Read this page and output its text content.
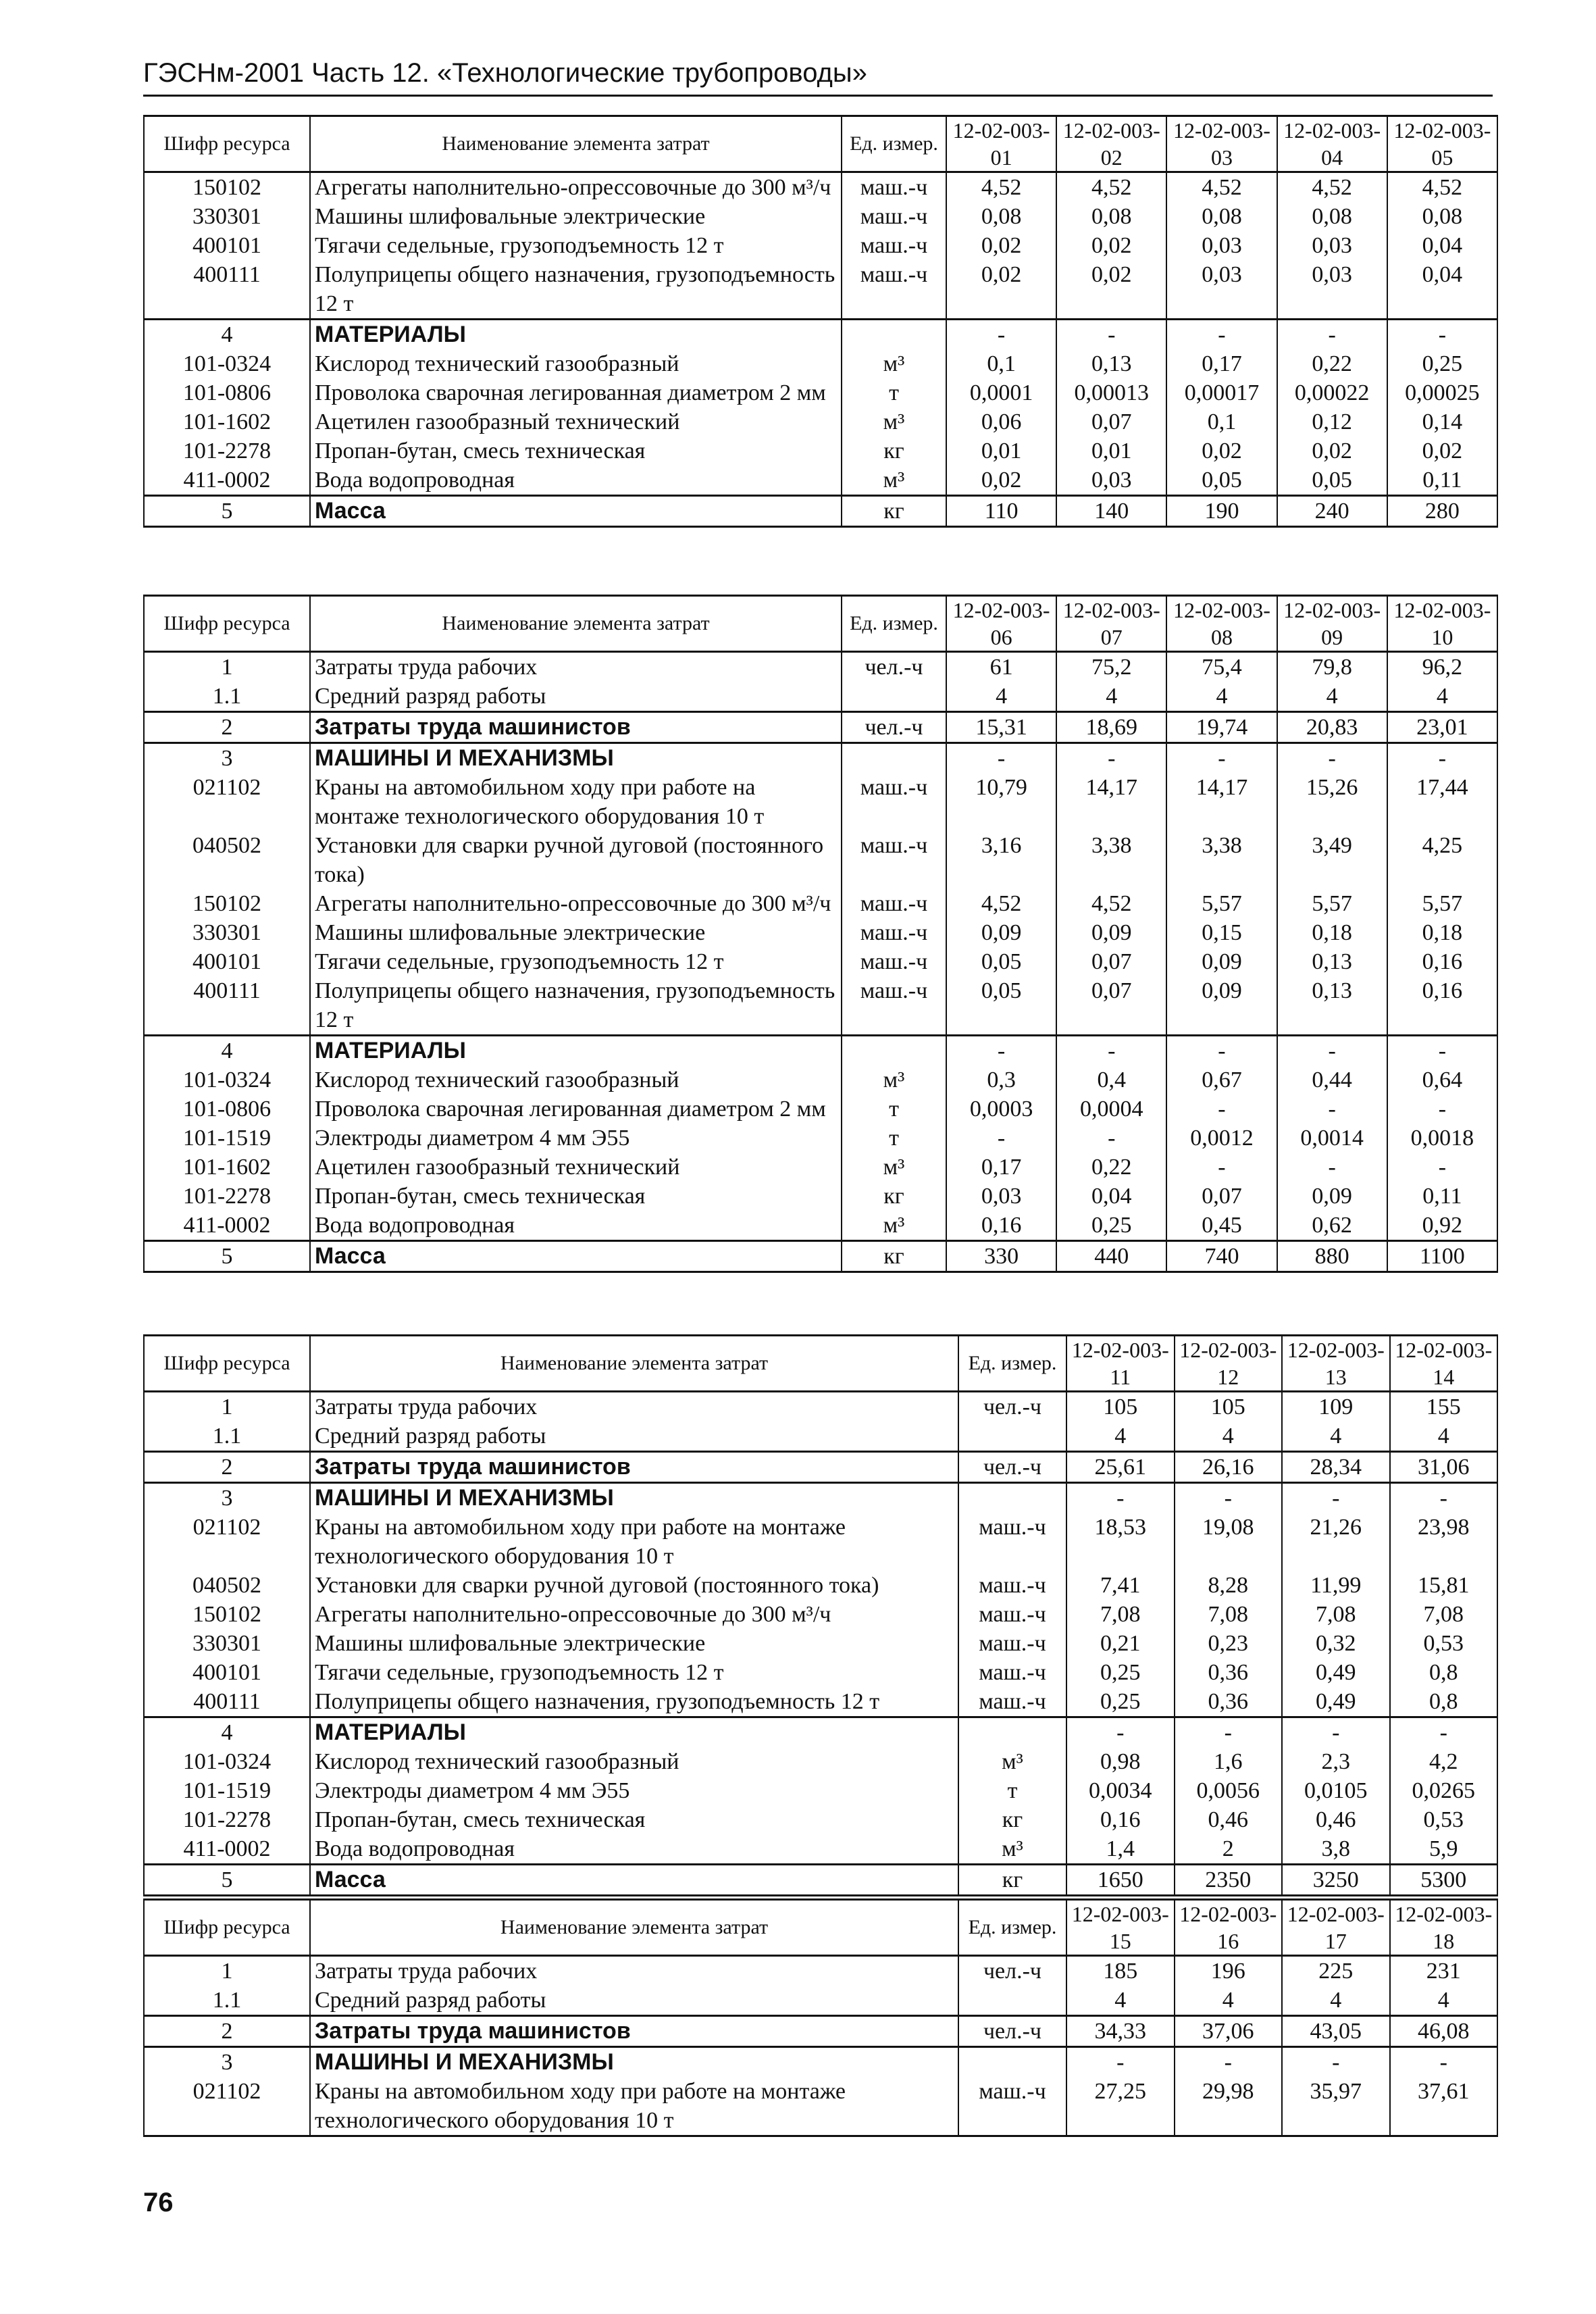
ГЭСНм-2001 Часть 12. «Технологические трубопроводы»
Шифр ресурса	Наименование элемента затрат	Ед. измер.	12-02-003-01	12-02-003-02	12-02-003-03	12-02-003-04	12-02-003-05
150102	Агрегаты наполнительно-опрессовочные до 300 м³/ч	маш.-ч	4,52	4,52	4,52	4,52	4,52
330301	Машины шлифовальные электрические	маш.-ч	0,08	0,08	0,08	0,08	0,08
400101	Тягачи седельные, грузоподъемность 12 т	маш.-ч	0,02	0,02	0,03	0,03	0,04
400111	Полуприцепы общего назначения, грузоподъемность 12 т	маш.-ч	0,02	0,02	0,03	0,03	0,04
4	МАТЕРИАЛЫ		-	-	-	-	-
101-0324	Кислород технический газообразный	м³	0,1	0,13	0,17	0,22	0,25
101-0806	Проволока сварочная легированная диаметром 2 мм	т	0,0001	0,00013	0,00017	0,00022	0,00025
101-1602	Ацетилен газообразный технический	м³	0,06	0,07	0,1	0,12	0,14
101-2278	Пропан-бутан, смесь техническая	кг	0,01	0,01	0,02	0,02	0,02
411-0002	Вода водопроводная	м³	0,02	0,03	0,05	0,05	0,11
5	Масса	кг	110	140	190	240	280
Шифр ресурса	Наименование элемента затрат	Ед. измер.	12-02-003-06	12-02-003-07	12-02-003-08	12-02-003-09	12-02-003-10
1	Затраты труда рабочих	чел.-ч	61	75,2	75,4	79,8	96,2
1.1	Средний разряд работы		4	4	4	4	4
2	Затраты труда машинистов	чел.-ч	15,31	18,69	19,74	20,83	23,01
3	МАШИНЫ И МЕХАНИЗМЫ		-	-	-	-	-
021102	Краны на автомобильном ходу при работе на монтаже технологического оборудования 10 т	маш.-ч	10,79	14,17	14,17	15,26	17,44
040502	Установки для сварки ручной дуговой (постоянного тока)	маш.-ч	3,16	3,38	3,38	3,49	4,25
150102	Агрегаты наполнительно-опрессовочные до 300 м³/ч	маш.-ч	4,52	4,52	5,57	5,57	5,57
330301	Машины шлифовальные электрические	маш.-ч	0,09	0,09	0,15	0,18	0,18
400101	Тягачи седельные, грузоподъемность 12 т	маш.-ч	0,05	0,07	0,09	0,13	0,16
400111	Полуприцепы общего назначения, грузоподъемность 12 т	маш.-ч	0,05	0,07	0,09	0,13	0,16
4	МАТЕРИАЛЫ		-	-	-	-	-
101-0324	Кислород технический газообразный	м³	0,3	0,4	0,67	0,44	0,64
101-0806	Проволока сварочная легированная диаметром 2 мм	т	0,0003	0,0004	-	-	-
101-1519	Электроды диаметром 4 мм Э55	т	-	-	0,0012	0,0014	0,0018
101-1602	Ацетилен газообразный технический	м³	0,17	0,22	-	-	-
101-2278	Пропан-бутан, смесь техническая	кг	0,03	0,04	0,07	0,09	0,11
411-0002	Вода водопроводная	м³	0,16	0,25	0,45	0,62	0,92
5	Масса	кг	330	440	740	880	1100
Шифр ресурса	Наименование элемента затрат	Ед. измер.	12-02-003-11	12-02-003-12	12-02-003-13	12-02-003-14
1	Затраты труда рабочих	чел.-ч	105	105	109	155
1.1	Средний разряд работы		4	4	4	4
2	Затраты труда машинистов	чел.-ч	25,61	26,16	28,34	31,06
3	МАШИНЫ И МЕХАНИЗМЫ		-	-	-	-
021102	Краны на автомобильном ходу при работе на монтаже технологического оборудования 10 т	маш.-ч	18,53	19,08	21,26	23,98
040502	Установки для сварки ручной дуговой (постоянного тока)	маш.-ч	7,41	8,28	11,99	15,81
150102	Агрегаты наполнительно-опрессовочные до 300 м³/ч	маш.-ч	7,08	7,08	7,08	7,08
330301	Машины шлифовальные электрические	маш.-ч	0,21	0,23	0,32	0,53
400101	Тягачи седельные, грузоподъемность 12 т	маш.-ч	0,25	0,36	0,49	0,8
400111	Полуприцепы общего назначения, грузоподъемность 12 т	маш.-ч	0,25	0,36	0,49	0,8
4	МАТЕРИАЛЫ		-	-	-	-
101-0324	Кислород технический газообразный	м³	0,98	1,6	2,3	4,2
101-1519	Электроды диаметром 4 мм Э55	т	0,0034	0,0056	0,0105	0,0265
101-2278	Пропан-бутан, смесь техническая	кг	0,16	0,46	0,46	0,53
411-0002	Вода водопроводная	м³	1,4	2	3,8	5,9
5	Масса	кг	1650	2350	3250	5300
Шифр ресурса	Наименование элемента затрат	Ед. измер.	12-02-003-15	12-02-003-16	12-02-003-17	12-02-003-18
1	Затраты труда рабочих	чел.-ч	185	196	225	231
1.1	Средний разряд работы		4	4	4	4
2	Затраты труда машинистов	чел.-ч	34,33	37,06	43,05	46,08
3	МАШИНЫ И МЕХАНИЗМЫ		-	-	-	-
021102	Краны на автомобильном ходу при работе на монтаже технологического оборудования 10 т	маш.-ч	27,25	29,98	35,97	37,61
76
